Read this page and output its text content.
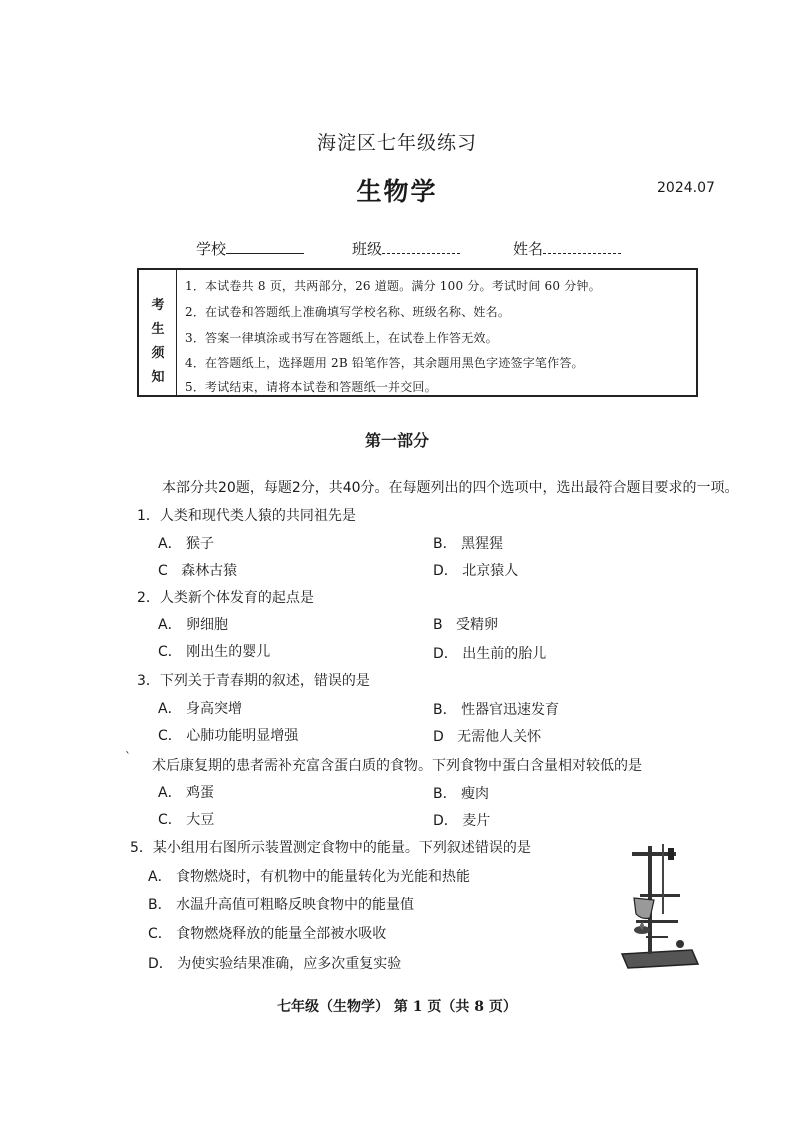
海淀区七年级练习
生物学	2024.07
学校	班级	姓名
考
生
须
知
1．本试卷共 8 页，共两部分，26 道题。满分 100 分。考试时间 60 分钟。
2．在试卷和答题纸上准确填写学校名称、班级名称、姓名。
3．答案一律填涂或书写在答题纸上，在试卷上作答无效。
4．在答题纸上，选择题用 2B 铅笔作答，其余题用黑色字迹签字笔作答。
5．考试结束，请将本试卷和答题纸一并交回。
第一部分
本部分共20题，每题2分，共40分。在每题列出的四个选项中，选出最符合题目要求的一项。
1．人类和现代类人猿的共同祖先是
A． 猴子	B． 黑猩猩
C 森林古猿	D． 北京猿人
2．人类新个体发育的起点是
A． 卵细胞	B 受精卵
C． 刚出生的婴儿	D． 出生前的胎儿
3．下列关于青春期的叙述，错误的是
A． 身高突增	B． 性器官迅速发育
C． 心肺功能明显增强	D 无需他人关怀
`
术后康复期的患者需补充富含蛋白质的食物。下列食物中蛋白含量相对较低的是
A． 鸡蛋	B． 瘦肉
C． 大豆	D． 麦片
5．某小组用右图所示装置测定食物中的能量。下列叙述错误的是
A． 食物燃烧时，有机物中的能量转化为光能和热能
B． 水温升高值可粗略反映食物中的能量值
C． 食物燃烧释放的能量全部被水吸收
D． 为使实验结果准确，应多次重复实验
七年级（生物学） 第 1 页（共 8 页）
